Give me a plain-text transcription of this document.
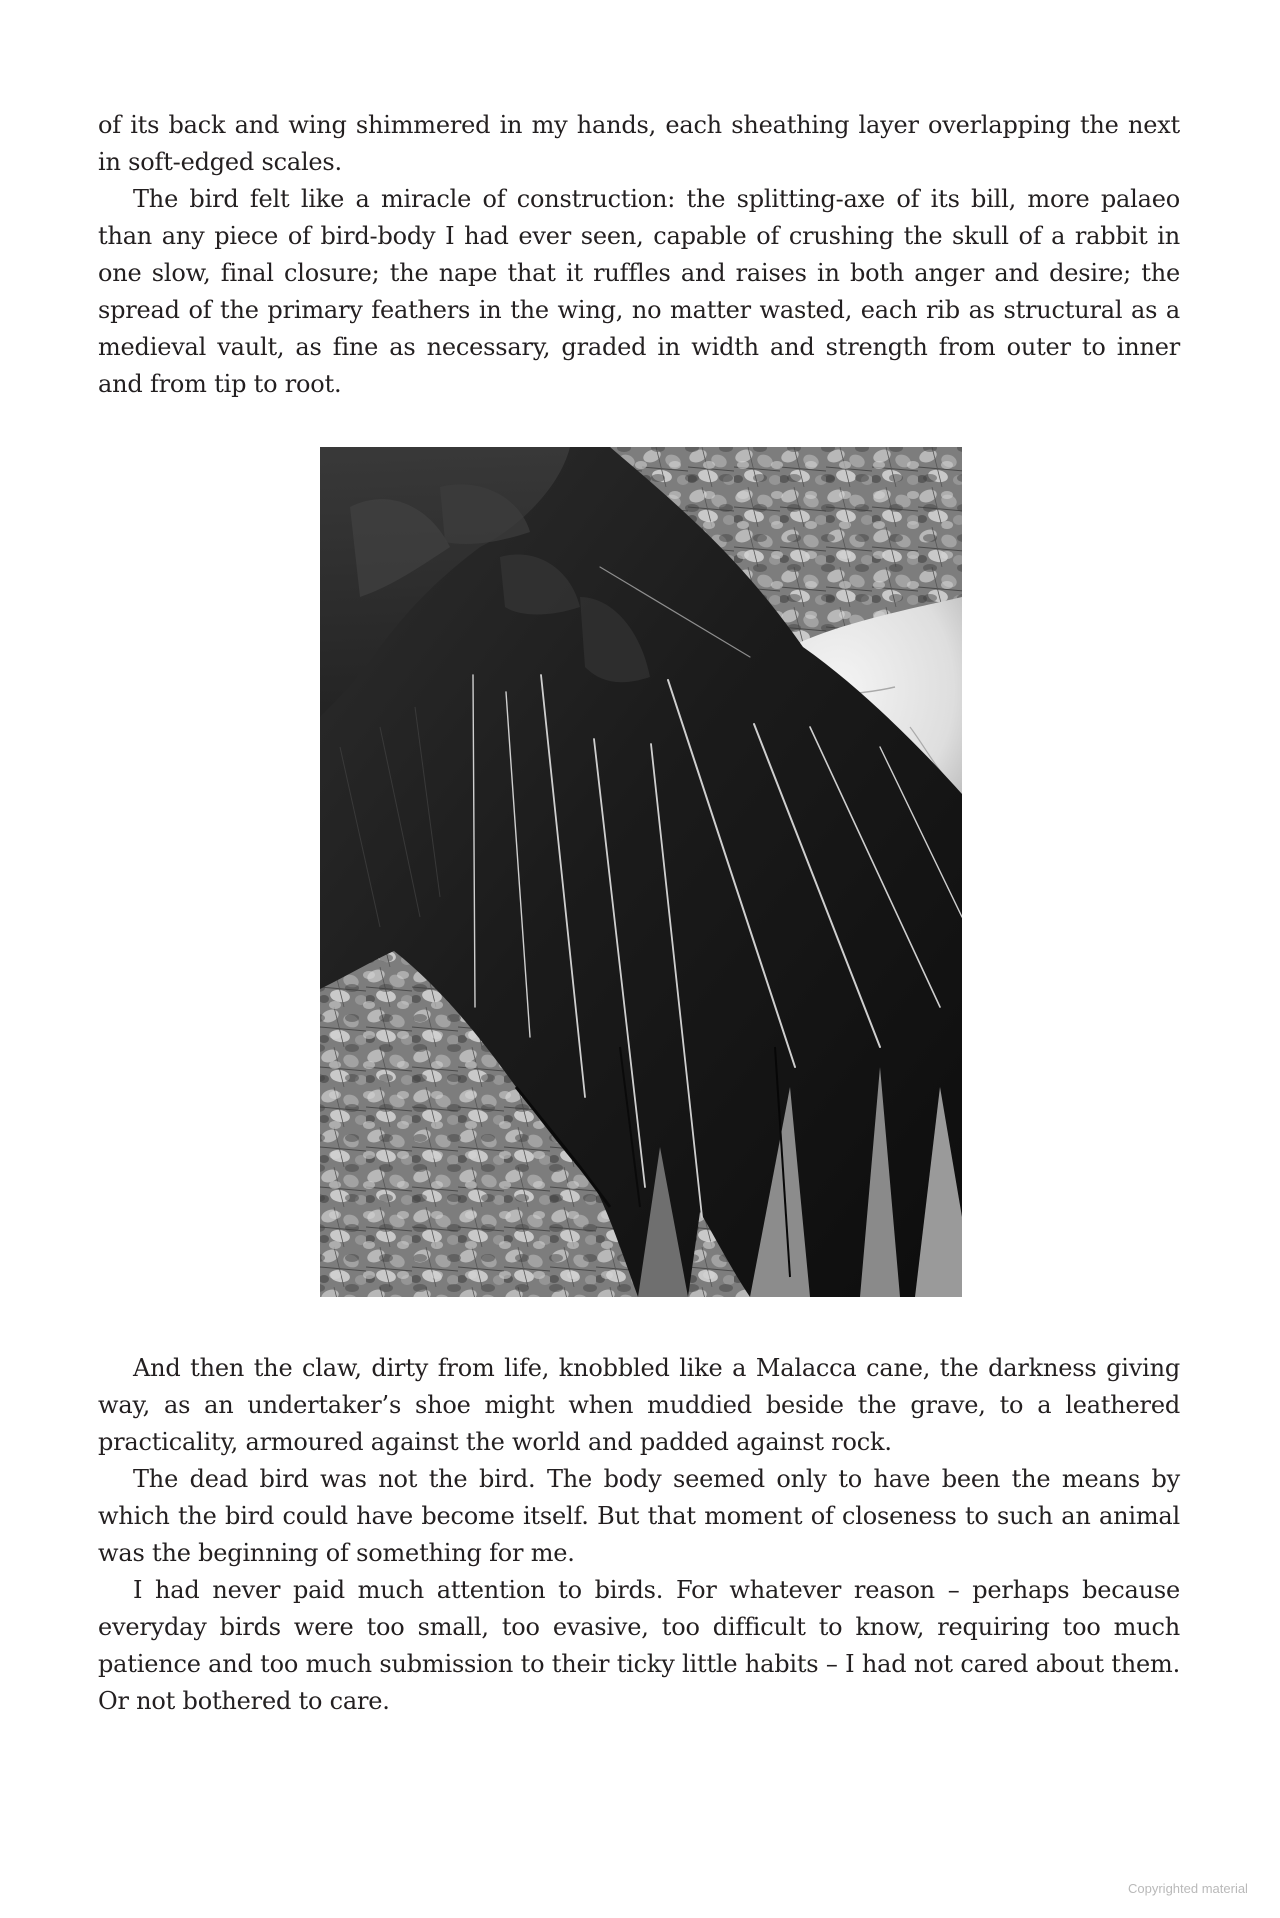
of its back and wing shimmered in my hands, each sheathing layer overlapping the next in soft-edged scales.

The bird felt like a miracle of construction: the splitting-axe of its bill, more palaeo than any piece of bird-body I had ever seen, capable of crushing the skull of a rabbit in one slow, final closure; the nape that it ruffles and raises in both anger and desire; the spread of the primary feathers in the wing, no matter wasted, each rib as structural as a medieval vault, as fine as necessary, graded in width and strength from outer to inner and from tip to root.

And then the claw, dirty from life, knobbled like a Malacca cane, the darkness giving way, as an undertaker’s shoe might when muddied beside the grave, to a leathered practicality, armoured against the world and padded against rock.

The dead bird was not the bird. The body seemed only to have been the means by which the bird could have become itself. But that moment of closeness to such an animal was the beginning of something for me.

I had never paid much attention to birds. For whatever reason – perhaps because everyday birds were too small, too evasive, too difficult to know, requiring too much patience and too much submission to their ticky little habits – I had not cared about them. Or not bothered to care.

Copyrighted material
